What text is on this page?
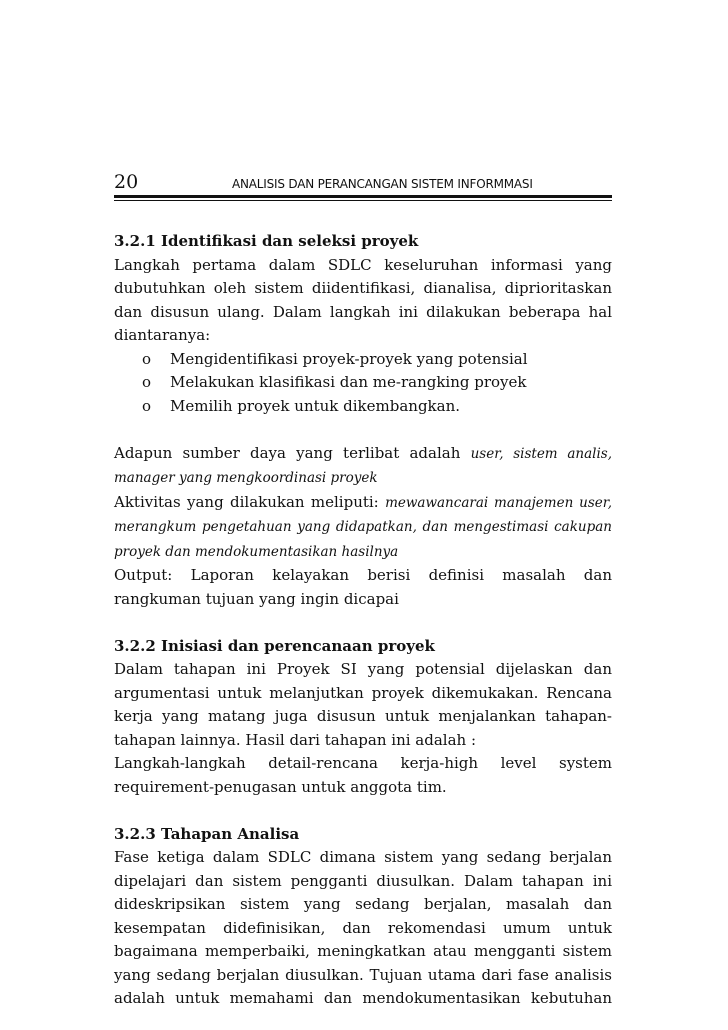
20	ANALISIS DAN PERANCANGAN SISTEM INFORMMASI

3.2.1 Identifikasi dan seleksi proyek

Langkah pertama dalam SDLC keseluruhan informasi yang dubutuhkan oleh sistem diidentifikasi, dianalisa, diprioritaskan dan disusun ulang. Dalam langkah ini dilakukan beberapa hal diantaranya:

o Mengidentifikasi proyek-proyek yang potensial
o Melakukan klasifikasi dan me-rangking proyek
o Memilih proyek untuk dikembangkan.

Adapun sumber daya yang terlibat adalah user, sistem analis, manager yang mengkoordinasi proyek

Aktivitas yang dilakukan meliputi: mewawancarai manajemen user, merangkum pengetahuan yang didapatkan, dan mengestimasi cakupan proyek dan mendokumentasikan hasilnya

Output: Laporan kelayakan berisi definisi masalah dan rangkuman tujuan yang ingin dicapai

3.2.2 Inisiasi dan perencanaan proyek

Dalam tahapan ini Proyek SI yang potensial dijelaskan dan argumentasi untuk melanjutkan proyek dikemukakan. Rencana kerja yang matang juga disusun untuk menjalankan tahapan-tahapan lainnya. Hasil dari tahapan ini adalah :

Langkah-langkah detail-rencana kerja-high level system requirement-penugasan untuk anggota tim.

3.2.3 Tahapan Analisa

Fase ketiga dalam SDLC dimana sistem yang sedang berjalan dipelajari dan sistem pengganti diusulkan. Dalam tahapan ini dideskripsikan sistem yang sedang berjalan, masalah dan kesempatan didefinisikan, dan rekomendasi umum untuk bagaimana memperbaiki, meningkatkan atau mengganti sistem yang sedang berjalan diusulkan. Tujuan utama dari fase analisis adalah untuk memahami dan mendokumentasikan kebutuhan
